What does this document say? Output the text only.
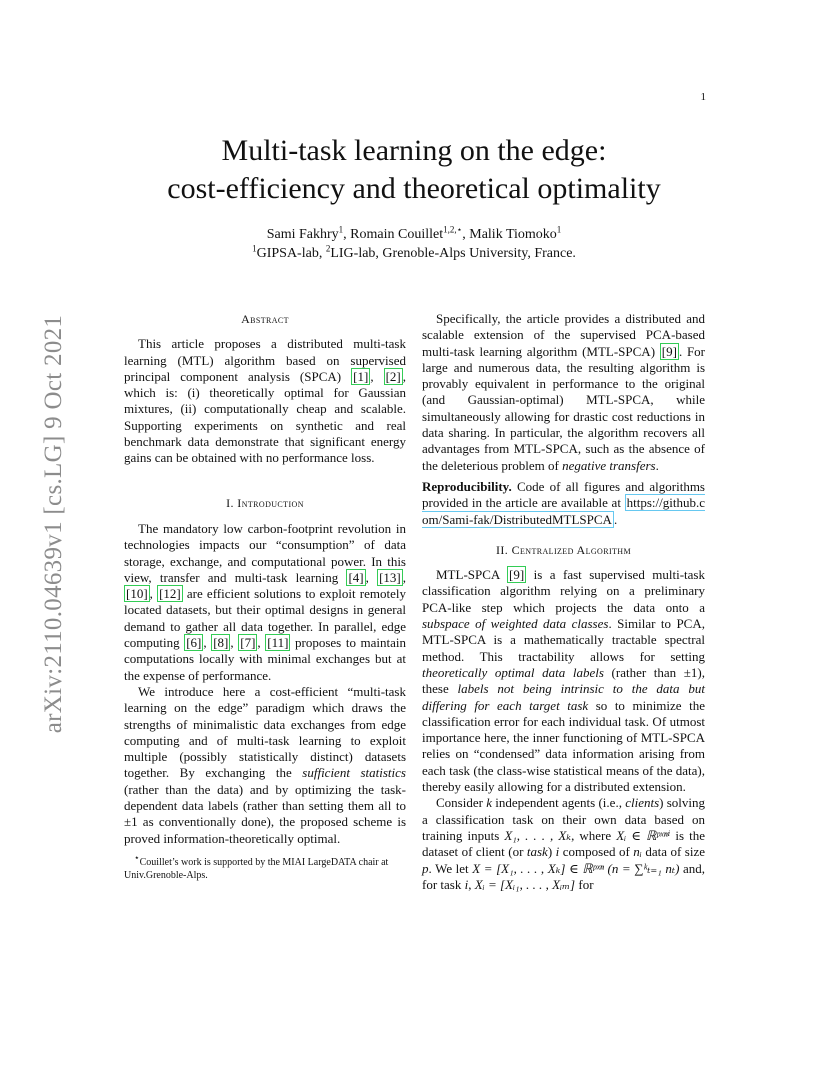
1
arXiv:2110.04639v1 [cs.LG] 9 Oct 2021
Multi-task learning on the edge:
cost-efficiency and theoretical optimality
Sami Fakhry$^1$, Romain Couillet$^{1,2,⋆}$, Malik Tiomoko$^1$
$^1$GIPSA-lab, $^2$LIG-lab, Grenoble-Alps University, France.
Abstract

This article proposes a distributed multi-task learning (MTL) algorithm based on supervised principal component analysis (SPCA) [1] , [2] , which is: (i) theoretically optimal for Gaussian mixtures, (ii) computationally cheap and scalable. Supporting experiments on synthetic and real benchmark data demonstrate that significant energy gains can be obtained with no performance loss.

I. Introduction

The mandatory low carbon-footprint revolution in technologies impacts our “consumption” of data storage, exchange, and computational power. In this view, transfer and multi-task learning [4] , [13] , [10] , [12] are efficient solutions to exploit remotely located datasets, but their optimal designs in general demand to gather all data together. In parallel, edge computing [6] , [8] , [7] , [11] proposes to maintain computations locally with minimal exchanges but at the expense of performance.

We introduce here a cost-efficient “multi-task learning on the edge” paradigm which draws the strengths of minimalistic data exchanges from edge computing and of multi-task learning to exploit multiple (possibly statistically distinct) datasets together. By exchanging the sufficient statistics (rather than the data) and by optimizing the task-dependent data labels (rather than setting them all to ±1 as conventionally done), the proposed scheme is proved information-theoretically optimal.

⋆Couillet’s work is supported by the MIAI LargeDATA chair at Univ.Grenoble-Alps.

Specifically, the article provides a distributed and scalable extension of the supervised PCA-based multi-task learning algorithm (MTL-SPCA) [9] . For large and numerous data, the resulting algorithm is provably equivalent in performance to the original (and Gaussian-optimal) MTL-SPCA, while simultaneously allowing for drastic cost reductions in data sharing. In particular, the algorithm recovers all advantages from MTL-SPCA, such as the absence of the deleterious problem of negative transfers.

Reproducibility. Code of all figures and algorithms provided in the article are available at https://github.com/Sami-fak/DistributedMTLSPCA .

II. Centralized Algorithm

MTL-SPCA [9] is a fast supervised multi-task classification algorithm relying on a preliminary PCA-like step which projects the data onto a subspace of weighted data classes. Similar to PCA, MTL-SPCA is a mathematically tractable spectral method. This tractability allows for setting theoretically optimal data labels (rather than ±1), these labels not being intrinsic to the data but differing for each target task so to minimize the classification error for each individual task. Of utmost importance here, the inner functioning of MTL-SPCA relies on “condensed” data information arising from each task (the class-wise statistical means of the data), thereby easily allowing for a distributed extension.

Consider k independent agents (i.e., clients) solving a classification task on their own data based on training inputs X₁, . . . , Xₖ, where Xᵢ ∈ ℝᵖˣⁿⁱ is the dataset of client (or task) i composed of nᵢ data of size p. We let X = [X₁, . . . , Xₖ] ∈ ℝᵖˣⁿ (n = ∑ᵏₜ₌₁ nₜ) and, for task i, Xᵢ = [Xᵢ₁, . . . , Xᵢₘ] for
